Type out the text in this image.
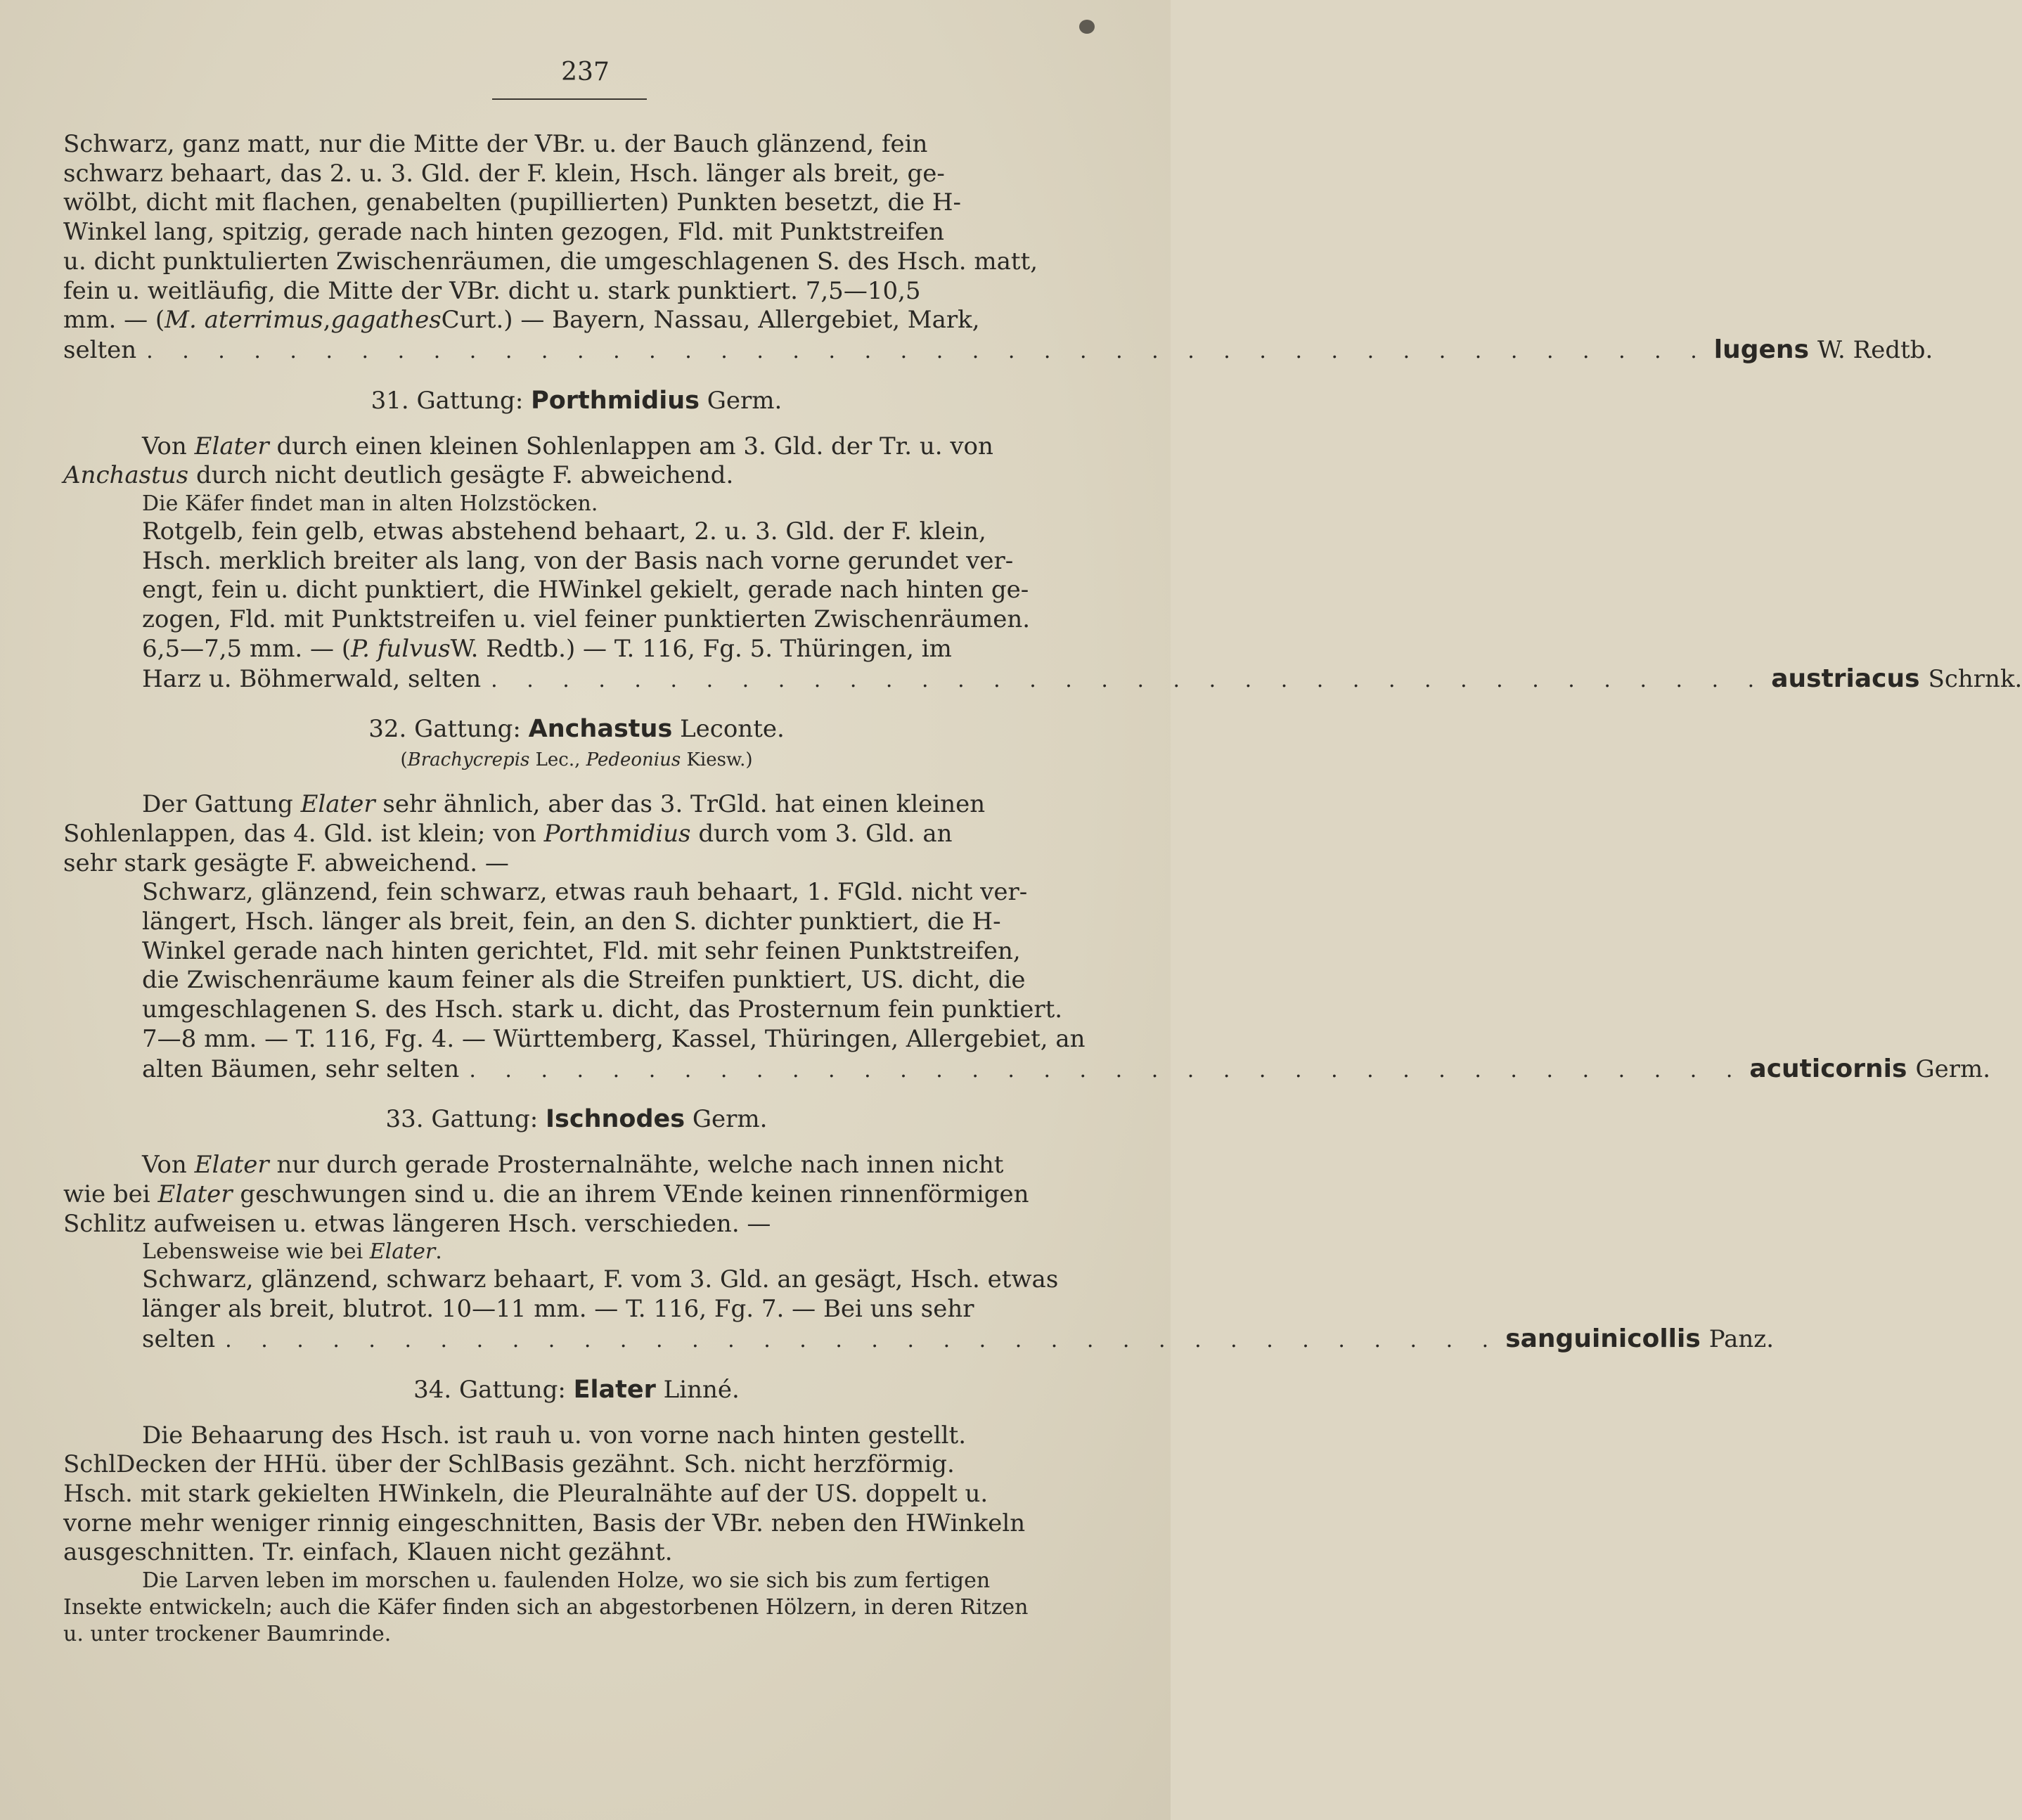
237
Schwarz, ganz matt, nur die Mitte der VBr. u. der Bauch glänzend, fein
schwarz behaart, das 2. u. 3. Gld. der F. klein, Hsch. länger als breit, ge-
wölbt, dicht mit flachen, genabelten (pupillierten) Punkten besetzt, die H-
Winkel lang, spitzig, gerade nach hinten gezogen, Fld. mit Punktstreifen
u. dicht punktulierten Zwischenräumen, die umgeschlagenen S. des Hsch. matt,
fein u. weitläufig, die Mitte der VBr. dicht u. stark punktiert. 7,5—10,5
mm. — ( M. aterrimus , gagathes Curt.) — Bayern, Nassau, Allergebiet, Mark,
selten . . . . . . . . . . . . . . . . . . . . . . . . . . . . . . . . . . . . . . . . . . . . lugens W. Redtb.
31. Gattung: Porthmidius Germ.
Von
Elater
durch einen kleinen Sohlenlappen am 3. Gld. der Tr. u. von
Anchastus
durch nicht deutlich gesägte F. abweichend.
Die Käfer findet man in alten Holzstöcken.
Rotgelb, fein gelb, etwas abstehend behaart, 2. u. 3. Gld. der F. klein,
Hsch. merklich breiter als lang, von der Basis nach vorne gerundet ver-
engt, fein u. dicht punktiert, die HWinkel gekielt, gerade nach hinten ge-
zogen, Fld. mit Punktstreifen u. viel feiner punktierten Zwischenräumen.
6,5—7,5 mm. — ( P. fulvus W. Redtb.) — T. 116, Fg. 5. Thüringen, im
Harz u. Böhmerwald, selten . . . . . . . . . . . . . . . . . . . . . . . . . . . . . . . . . . . . austriacus Schrnk.
32. Gattung: Anchastus Leconte.
(Brachycrepis Lec., Pedeonius Kiesw.)
Der Gattung
Elater
sehr ähnlich, aber das 3. TrGld. hat einen kleinen
Sohlenlappen, das 4. Gld. ist klein; von
Porthmidius
durch vom 3. Gld. an
sehr stark gesägte F. abweichend. —
Schwarz, glänzend, fein schwarz, etwas rauh behaart, 1. FGld. nicht ver-
längert, Hsch. länger als breit, fein, an den S. dichter punktiert, die H-
Winkel gerade nach hinten gerichtet, Fld. mit sehr feinen Punktstreifen,
die Zwischenräume kaum feiner als die Streifen punktiert, US. dicht, die
umgeschlagenen S. des Hsch. stark u. dicht, das Prosternum fein punktiert.
7—8 mm. — T. 116, Fg. 4. — Württemberg, Kassel, Thüringen, Allergebiet, an
alten Bäumen, sehr selten . . . . . . . . . . . . . . . . . . . . . . . . . . . . . . . . . . . . acuticornis Germ.
33. Gattung: Ischnodes Germ.
Von
Elater
nur durch gerade Prosternalnähte, welche nach innen nicht
wie bei
Elater
geschwungen sind u. die an ihrem VEnde keinen rinnenförmigen
Schlitz aufweisen u. etwas längeren Hsch. verschieden. —
Lebensweise wie bei
Elater .
Schwarz, glänzend, schwarz behaart, F. vom 3. Gld. an gesägt, Hsch. etwas
länger als breit, blutrot. 10—11 mm. — T. 116, Fg. 7. — Bei uns sehr
selten . . . . . . . . . . . . . . . . . . . . . . . . . . . . . . . . . . . . sanguinicollis Panz.
34. Gattung: Elater Linné.
Die Behaarung des Hsch. ist rauh u. von vorne nach hinten gestellt.
SchlDecken der HHü. über der SchlBasis gezähnt. Sch. nicht herzförmig.
Hsch. mit stark gekielten HWinkeln, die Pleuralnähte auf der US. doppelt u.
vorne mehr weniger rinnig eingeschnitten, Basis der VBr. neben den HWinkeln
ausgeschnitten. Tr. einfach, Klauen nicht gezähnt.
Die Larven leben im morschen u. faulenden Holze, wo sie sich bis zum fertigen
Insekte entwickeln; auch die Käfer finden sich an abgestorbenen Hölzern, in deren Ritzen
u. unter trockener Baumrinde.
